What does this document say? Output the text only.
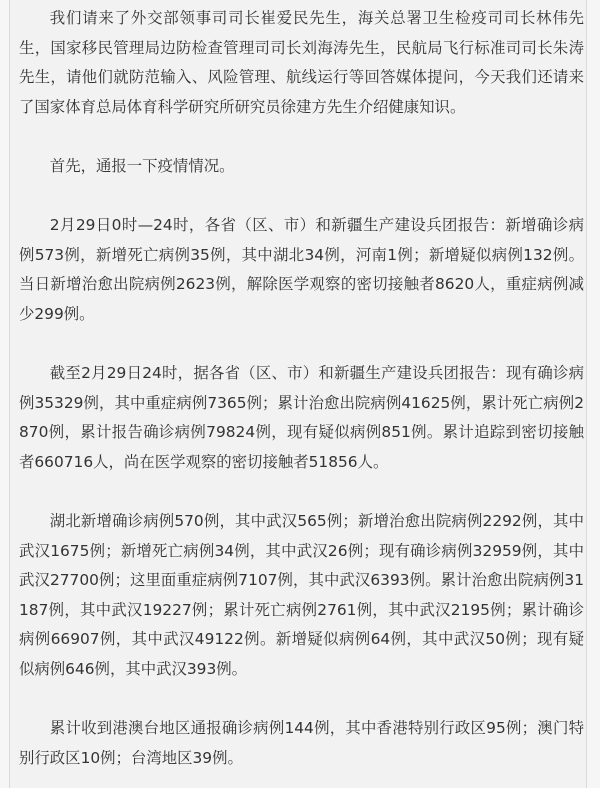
我们请来了外交部领事司司长崔爱民先生，海关总署卫生检疫司司长林伟先生，国家移民管理局边防检查管理司司长刘海涛先生，民航局飞行标准司司长朱涛先生，请他们就防范输入、风险管理、航线运行等回答媒体提问，今天我们还请来了国家体育总局体育科学研究所研究员徐建方先生介绍健康知识。

首先，通报一下疫情情况。

2月29日0时—24时，各省（区、市）和新疆生产建设兵团报告：新增确诊病例573例，新增死亡病例35例，其中湖北34例，河南1例；新增疑似病例132例。当日新增治愈出院病例2623例，解除医学观察的密切接触者8620人，重症病例减少299例。

截至2月29日24时，据各省（区、市）和新疆生产建设兵团报告：现有确诊病例35329例，其中重症病例7365例；累计治愈出院病例41625例，累计死亡病例2870例，累计报告确诊病例79824例，现有疑似病例851例。累计追踪到密切接触者660716人，尚在医学观察的密切接触者51856人。

湖北新增确诊病例570例，其中武汉565例；新增治愈出院病例2292例，其中武汉1675例；新增死亡病例34例，其中武汉26例；现有确诊病例32959例，其中武汉27700例；这里面重症病例7107例，其中武汉6393例。累计治愈出院病例31187例，其中武汉19227例；累计死亡病例2761例，其中武汉2195例；累计确诊病例66907例，其中武汉49122例。新增疑似病例64例，其中武汉50例；现有疑似病例646例，其中武汉393例。

累计收到港澳台地区通报确诊病例144例，其中香港特别行政区95例；澳门特别行政区10例；台湾地区39例。
